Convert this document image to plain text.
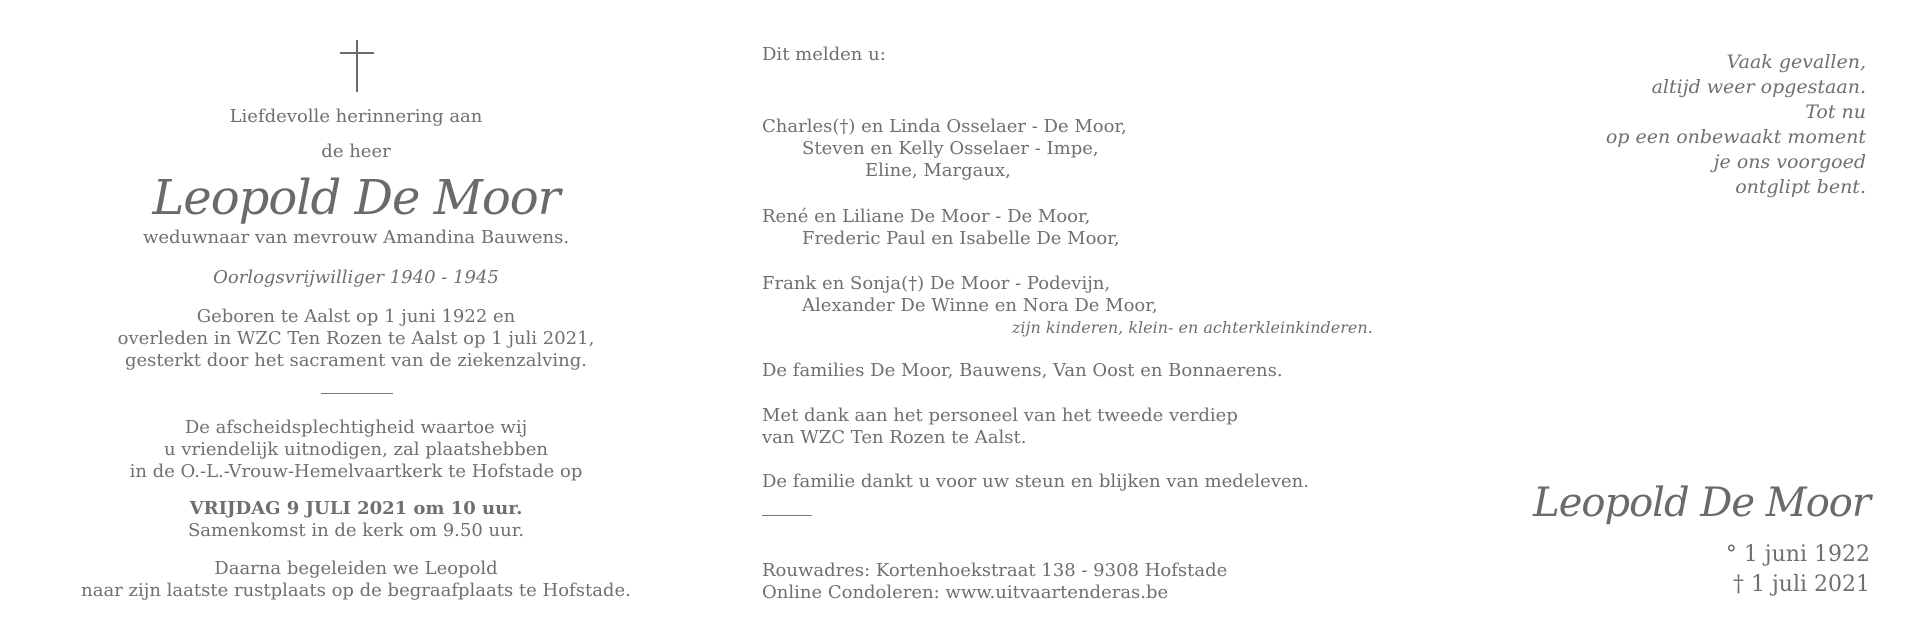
Liefdevolle herinnering aan

de heer

Leopold De Moor

weduwnaar van mevrouw Amandina Bauwens.

Oorlogsvrijwilliger 1940 - 1945

Geboren te Aalst op 1 juni 1922 en

overleden in WZC Ten Rozen te Aalst op 1 juli 2021,

gesterkt door het sacrament van de ziekenzalving.

De afscheidsplechtigheid waartoe wij

u vriendelijk uitnodigen, zal plaatshebben

in de O.-L.-Vrouw-Hemelvaartkerk te Hofstade op

VRIJDAG 9 JULI 2021 om 10 uur.

Samenkomst in de kerk om 9.50 uur.

Daarna begeleiden we Leopold

naar zijn laatste rustplaats op de begraafplaats te Hofstade.

Dit melden u:

Charles(†) en Linda Osselaer - De Moor,

Steven en Kelly Osselaer - Impe,

Eline, Margaux,

René en Liliane De Moor - De Moor,

Frederic Paul en Isabelle De Moor,

Frank en Sonja(†) De Moor - Podevijn,

Alexander De Winne en Nora De Moor,

zijn kinderen, klein- en achterkleinkinderen.

De families De Moor, Bauwens, Van Oost en Bonnaerens.

Met dank aan het personeel van het tweede verdiep

van WZC Ten Rozen te Aalst.

De familie dankt u voor uw steun en blijken van medeleven.

Rouwadres: Kortenhoekstraat 138 - 9308 Hofstade

Online Condoleren: www.uitvaartenderas.be

Vaak gevallen,
altijd weer opgestaan.
Tot nu
op een onbewaakt moment
je ons voorgoed
ontglipt bent.
Leopold De Moor
° 1 juni 1922
† 1 juli 2021
